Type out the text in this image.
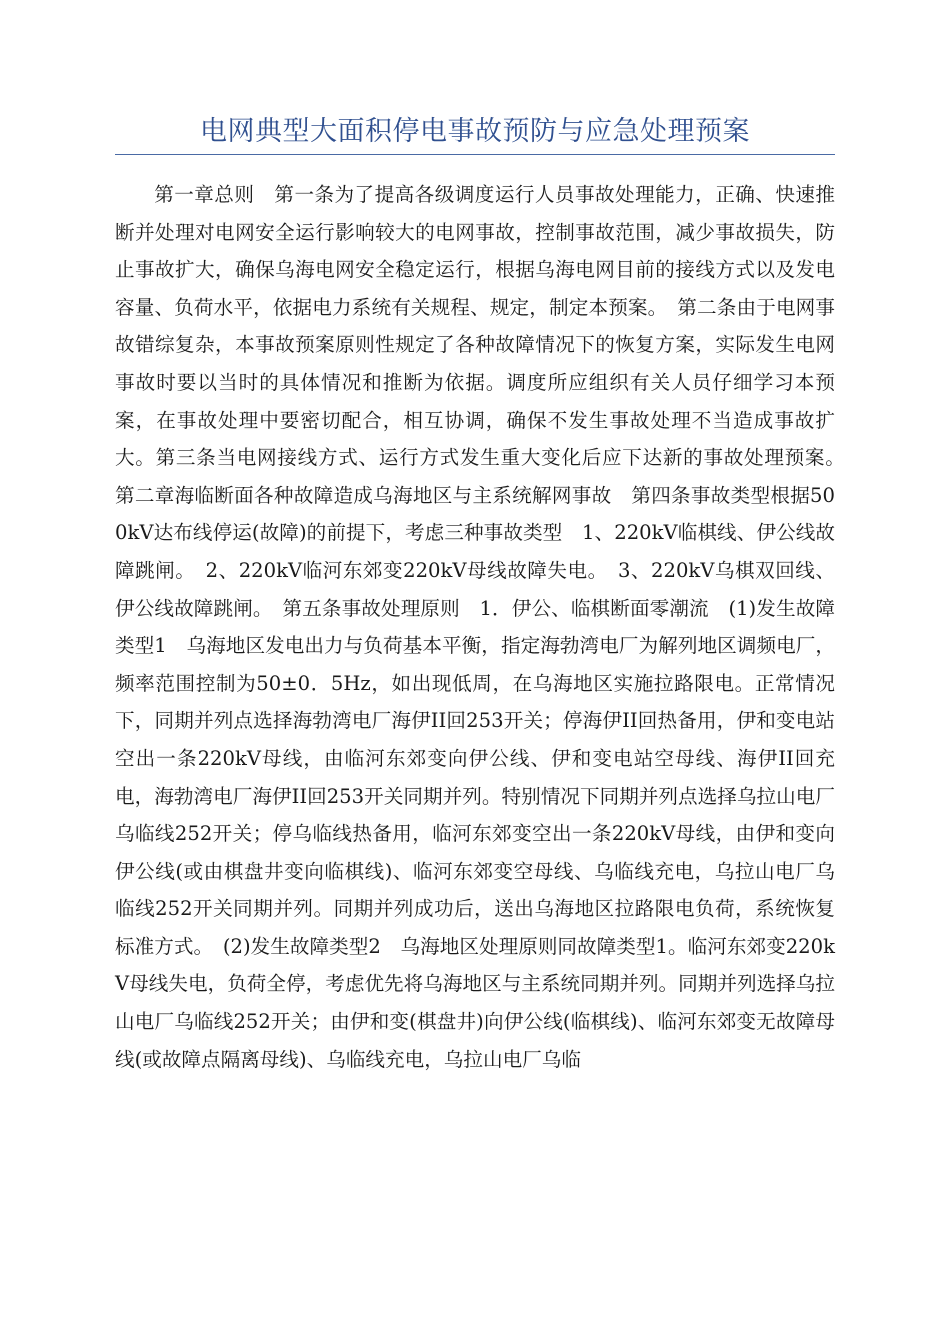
电网典型大面积停电事故预防与应急处理预案

第一章总则　第一条为了提高各级调度运行人员事故处理能力，正确、快速推断并处理对电网安全运行影响较大的电网事故，控制事故范围，减少事故损失，防止事故扩大，确保乌海电网安全稳定运行，根据乌海电网目前的接线方式以及发电容量、负荷水平，依据电力系统有关规程、规定，制定本预案。　第二条由于电网事故错综复杂，本事故预案原则性规定了各种故障情况下的恢复方案，实际发生电网事故时要以当时的具体情况和推断为依据。调度所应组织有关人员仔细学习本预案，在事故处理中要密切配合，相互协调，确保不发生事故处理不当造成事故扩大。第三条当电网接线方式、运行方式发生重大变化后应下达新的事故处理预案。　第二章海临断面各种故障造成乌海地区与主系统解网事故　第四条事故类型根据500kV达布线停运(故障)的前提下，考虑三种事故类型　1、220kV临棋线、伊公线故障跳闸。　2、220kV临河东郊变220kV母线故障失电。　3、220kV乌棋双回线、伊公线故障跳闸。　第五条事故处理原则　1．伊公、临棋断面零潮流　(1)发生故障类型1　乌海地区发电出力与负荷基本平衡，指定海勃湾电厂为解列地区调频电厂，频率范围控制为50±0．5Hz，如出现低周，在乌海地区实施拉路限电。正常情况下，同期并列点选择海勃湾电厂海伊II回253开关；停海伊II回热备用，伊和变电站空出一条220kV母线，由临河东郊变向伊公线、伊和变电站空母线、海伊II回充电，海勃湾电厂海伊II回253开关同期并列。特别情况下同期并列点选择乌拉山电厂乌临线252开关；停乌临线热备用，临河东郊变空出一条220kV母线，由伊和变向伊公线(或由棋盘井变向临棋线)、临河东郊变空母线、乌临线充电，乌拉山电厂乌临线252开关同期并列。同期并列成功后，送出乌海地区拉路限电负荷，系统恢复标准方式。　(2)发生故障类型2　乌海地区处理原则同故障类型1。临河东郊变220kV母线失电，负荷全停，考虑优先将乌海地区与主系统同期并列。同期并列选择乌拉山电厂乌临线252开关；由伊和变(棋盘井)向伊公线(临棋线)、临河东郊变无故障母线(或故障点隔离母线)、乌临线充电，乌拉山电厂乌临
